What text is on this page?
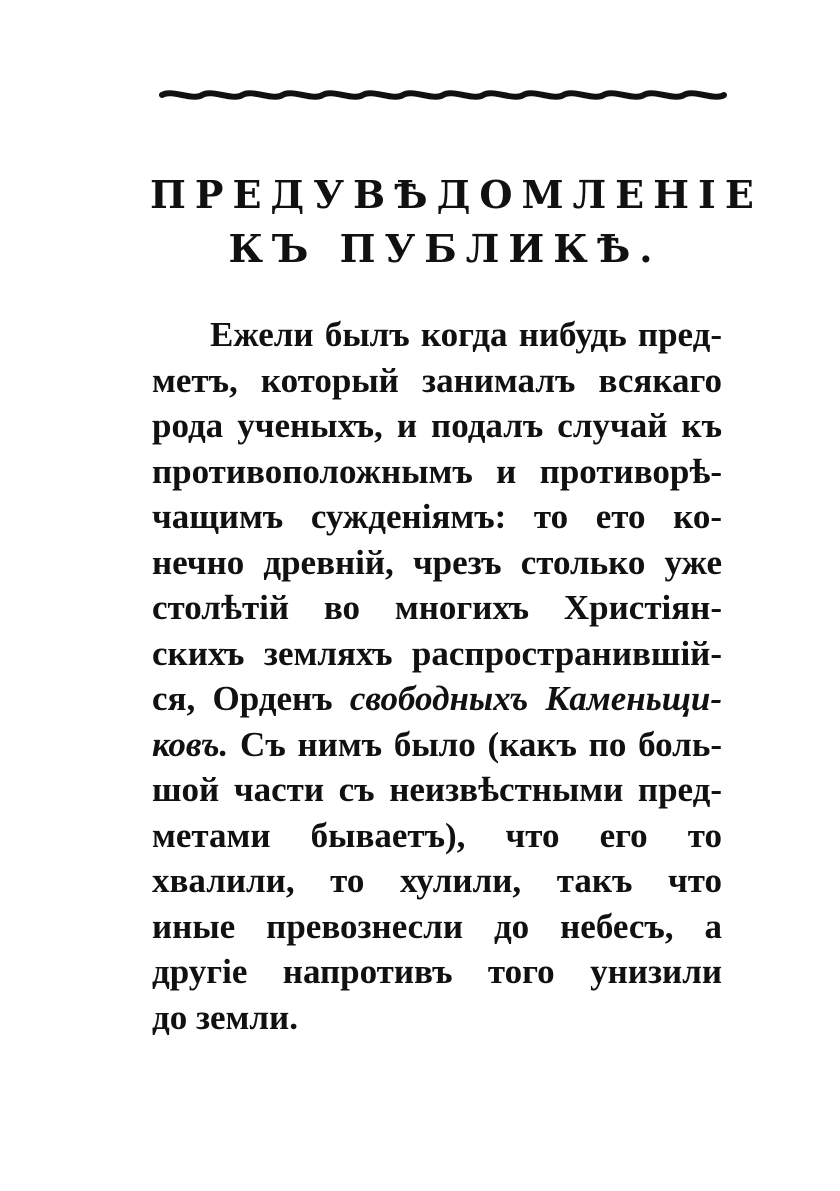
ПРЕДУВѢДОМЛЕНІЕ
КЪ ПУБЛИКѢ.
Ежели былъ когда нибудь пред-
метъ, который занималъ всякаго
рода ученыхъ, и подалъ случай къ
противоположнымъ и противорѣ-
чащимъ сужденіямъ: то ето ко-
нечно древній, чрезъ столько уже
столѣтій во многихъ Христіян-
скихъ земляхъ распространившій-
ся, Орденъ свободныхъ Каменьщи-
ковъ. Съ нимъ было (какъ по боль-
шой части съ неизвѣстными пред-
метами бываетъ), что его то
хвалили, то хулили, такъ что
иные превознесли до небесъ, а
другіе напротивъ того унизили
до земли.
